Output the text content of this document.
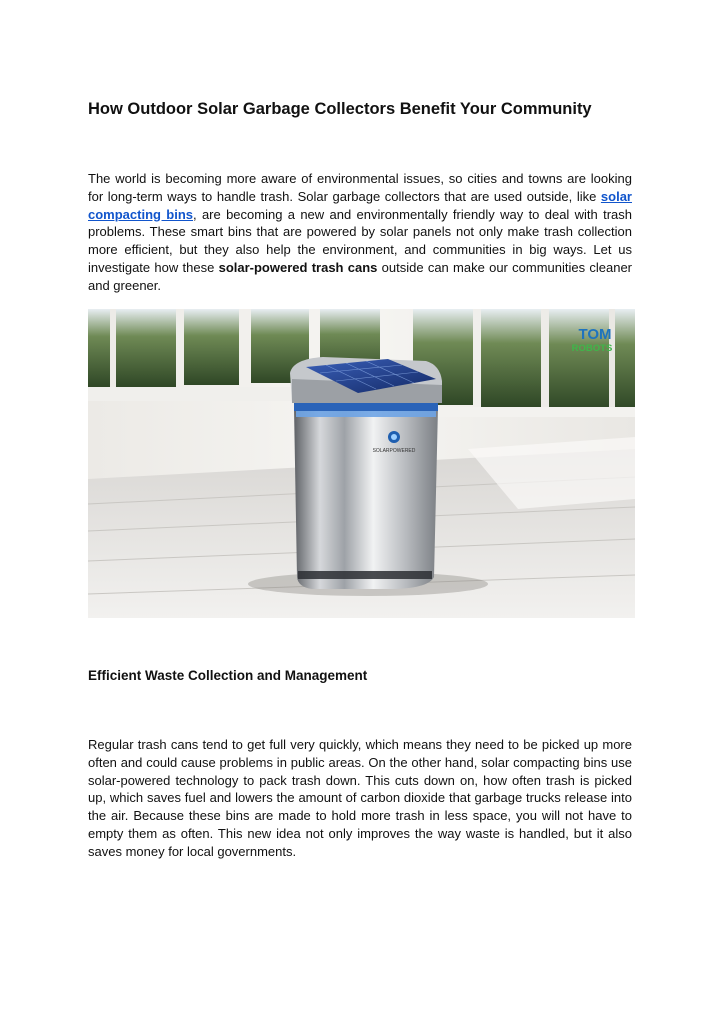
How Outdoor Solar Garbage Collectors Benefit Your Community

The world is becoming more aware of environmental issues, so cities and towns are looking for long-term ways to handle trash. Solar garbage collectors that are used outside, like solar compacting bins, are becoming a new and environmentally friendly way to deal with trash problems. These smart bins that are powered by solar panels not only make trash collection more efficient, but they also help the environment, and communities in big ways. Let us investigate how these solar-powered trash cans outside can make our communities cleaner and greener.

SOLARPOWERED
TOM
ROBOTS
Efficient Waste Collection and Management

Regular trash cans tend to get full very quickly, which means they need to be picked up more often and could cause problems in public areas. On the other hand, solar compacting bins use solar-powered technology to pack trash down. This cuts down on, how often trash is picked up, which saves fuel and lowers the amount of carbon dioxide that garbage trucks release into the air. Because these bins are made to hold more trash in less space, you will not have to empty them as often. This new idea not only improves the way waste is handled, but it also saves money for local governments.
